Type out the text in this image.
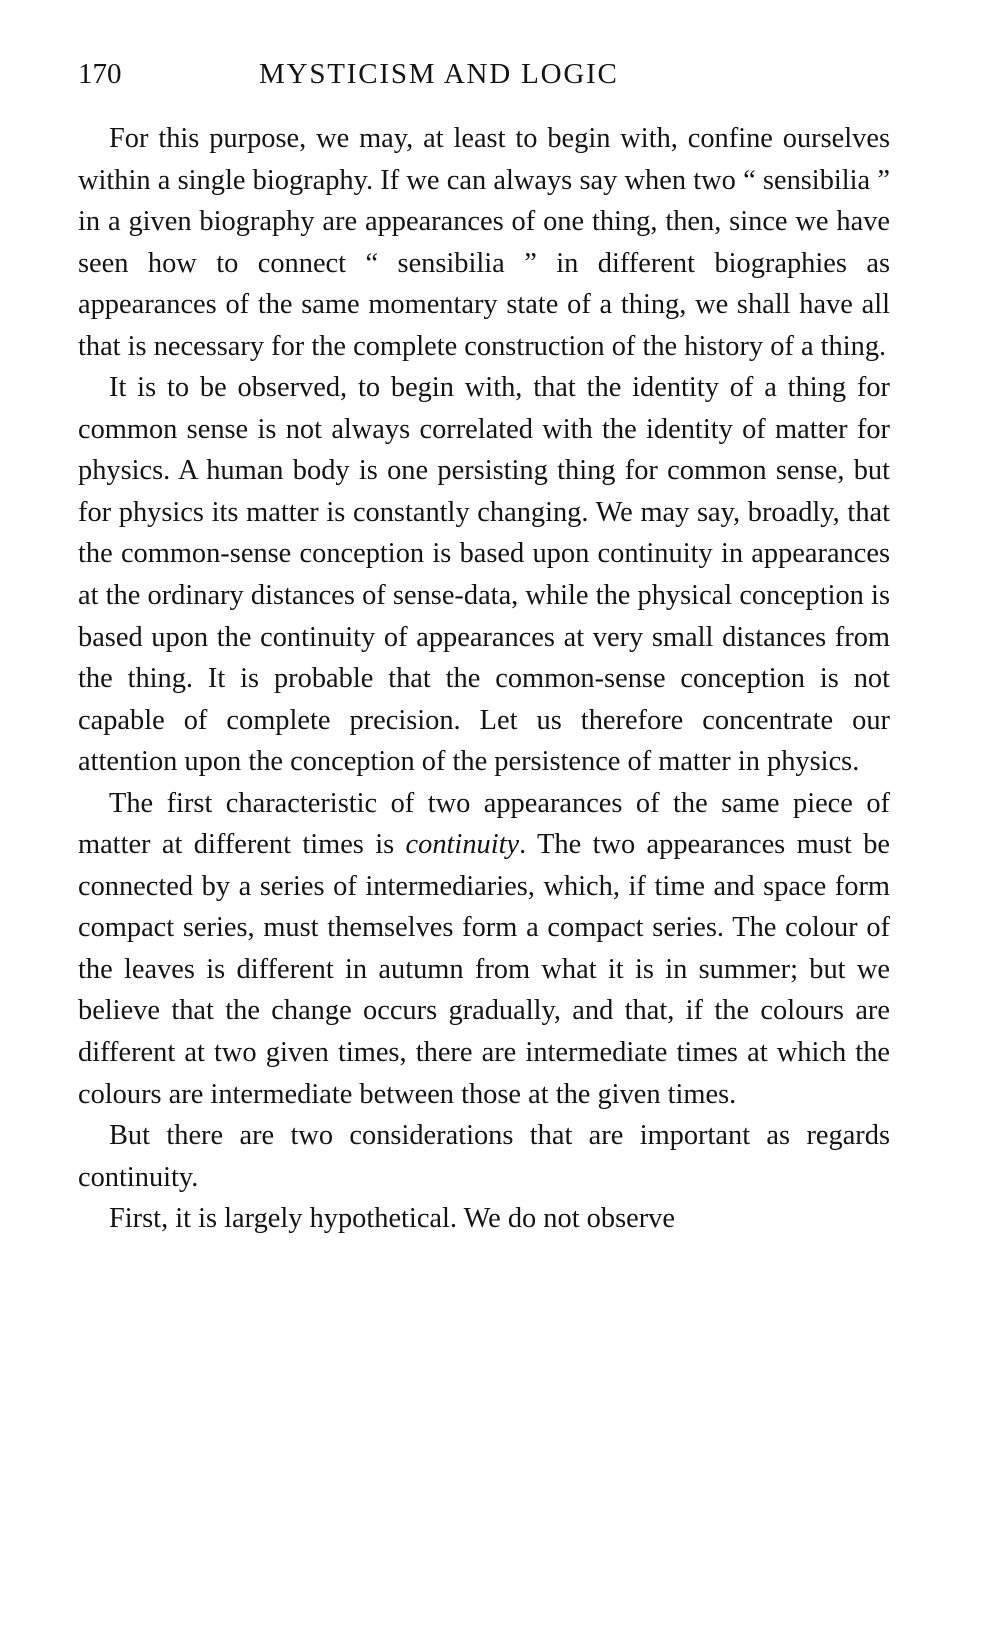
170	MYSTICISM AND LOGIC

For this purpose, we may, at least to begin with, confine ourselves within a single biography. If we can always say when two “ sensibilia ” in a given biography are appearances of one thing, then, since we have seen how to connect “ sensibilia ” in different biographies as appearances of the same momentary state of a thing, we shall have all that is necessary for the complete construction of the history of a thing.

It is to be observed, to begin with, that the identity of a thing for common sense is not always correlated with the identity of matter for physics. A human body is one persisting thing for common sense, but for physics its matter is constantly changing. We may say, broadly, that the common-sense conception is based upon continuity in appearances at the ordinary distances of sense-data, while the physical conception is based upon the continuity of appearances at very small distances from the thing. It is probable that the common-sense conception is not capable of complete precision. Let us therefore concentrate our attention upon the conception of the persistence of matter in physics.

The first characteristic of two appearances of the same piece of matter at different times is continuity. The two appearances must be connected by a series of intermediaries, which, if time and space form compact series, must themselves form a compact series. The colour of the leaves is different in autumn from what it is in summer; but we believe that the change occurs gradually, and that, if the colours are different at two given times, there are intermediate times at which the colours are intermediate between those at the given times.

But there are two considerations that are important as regards continuity.

First, it is largely hypothetical. We do not observe
